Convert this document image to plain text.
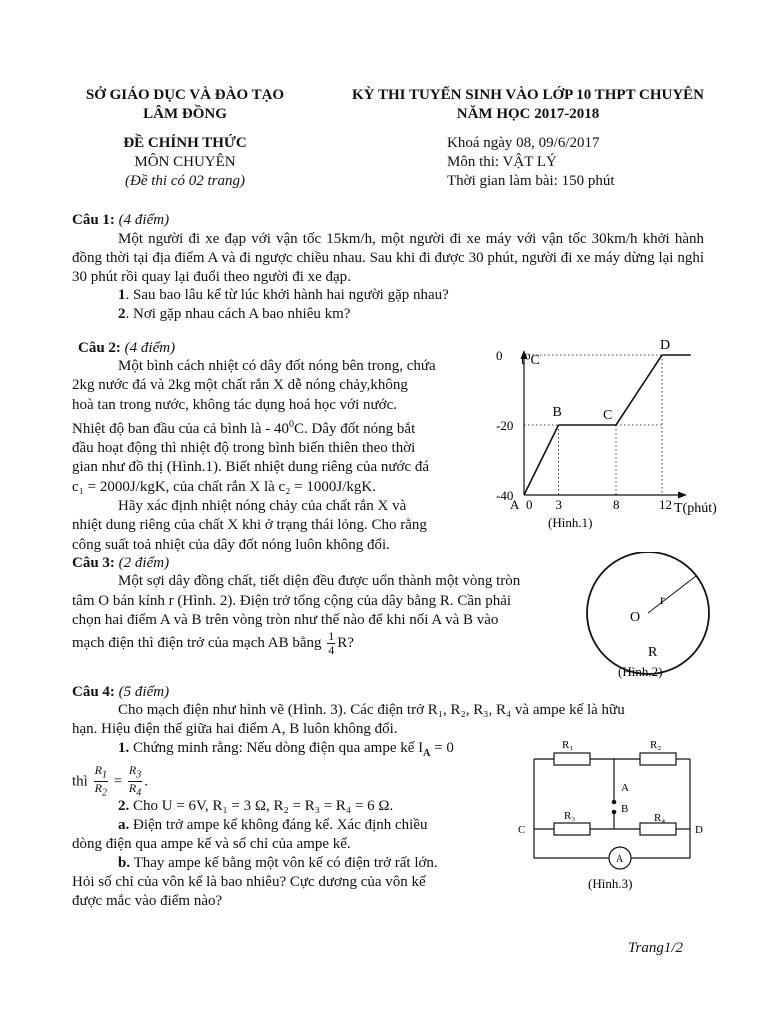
SỞ GIÁO DỤC VÀ ĐÀO TẠO
LÂM ĐỒNG
KỲ THI TUYỂN SINH VÀO LỚP 10 THPT CHUYÊN
NĂM HỌC 2017-2018
ĐỀ CHÍNH THỨC
MÔN CHUYÊN
(Đề thi có 02 trang)
Khoá ngày 08, 09/6/2017
Môn thi: VẬT LÝ
Thời gian làm bài: 150 phút
Câu 1: (4 điểm)
Một người đi xe đạp với vận tốc 15km/h, một người đi xe máy với vận tốc 30km/h khởi hành đồng thời tại địa điểm A và đi ngược chiều nhau. Sau khi đi được 30 phút, người đi xe máy dừng lại nghỉ 30 phút rồi quay lại đuổi theo người đi xe đạp.
1. Sau bao lâu kể từ lúc khởi hành hai người gặp nhau?
2. Nơi gặp nhau cách A bao nhiêu km?
Câu 2: (4 điểm)
Một bình cách nhiệt có dây đốt nóng bên trong, chứa
2kg nước đá và 2kg một chất rắn X dễ nóng chảy,không
hoà tan trong nước, không tác dụng hoá học với nước.
Nhiệt độ ban đầu của cả bình là - $40^0C$. Dây đốt nóng bắt
đầu hoạt động thì nhiệt độ trong bình biến thiên theo thời
gian như đồ thị (Hình.1). Biết nhiệt dung riêng của nước đá
c₁ = 2000J/kgK, của chất rắn X là c₂ = 1000J/kgK.
Hãy xác định nhiệt nóng chảy của chất rắn X và
nhiệt dung riêng của chất X khi ở trạng thái lỏng. Cho rằng
công suất toả nhiệt của dây đốt nóng luôn không đổi.
t⁰C
T(phút)
(Hình.1)
B	C
D
0
-20
-40
0 3	8	12
A
Câu 3: (2 điểm)
Một sợi dây đồng chất, tiết diện đều được uốn thành một vòng tròn
tâm O bán kính r (Hình. 2). Điện trở tổng cộng của dây bằng R. Cần phải
chọn hai điểm A và B trên vòng tròn như thế nào để khi nối A và B vào
mạch điện thì điện trở của mạch AB bằng $\frac{1}{4} R$?
O
r
R
(Hình.2)
Câu 4: (5 điểm)
Cho mạch điện như hình vẽ (Hình. 3). Các điện trở R₁, R₂, R₃, R₄ và ampe kế là hữu
hạn. Hiệu điện thế giữa hai điểm A, B luôn không đổi.
1. Chứng minh rằng: Nếu dòng điện qua ampe kế $I_A = 0$
thì $\frac{R_1}{R_2} = \frac{R_3}{R_4}$ .
2. Cho U = 6V, R₁ = 3 Ω, R₂ = R₃ = R₄ = 6 Ω.
a. Điện trở ampe kế không đáng kể. Xác định chiều
dòng điện qua ampe kế và số chỉ của ampe kế.
b. Thay ampe kế bằng một vôn kế có điện trở rất lớn.
Hỏi số chỉ của vôn kế là bao nhiêu? Cực dương của vôn kế
được mắc vào điểm nào?
A
R₁	R₂
R₃	R₄
A
B
C	D
(Hình.3)
Trang1/2
